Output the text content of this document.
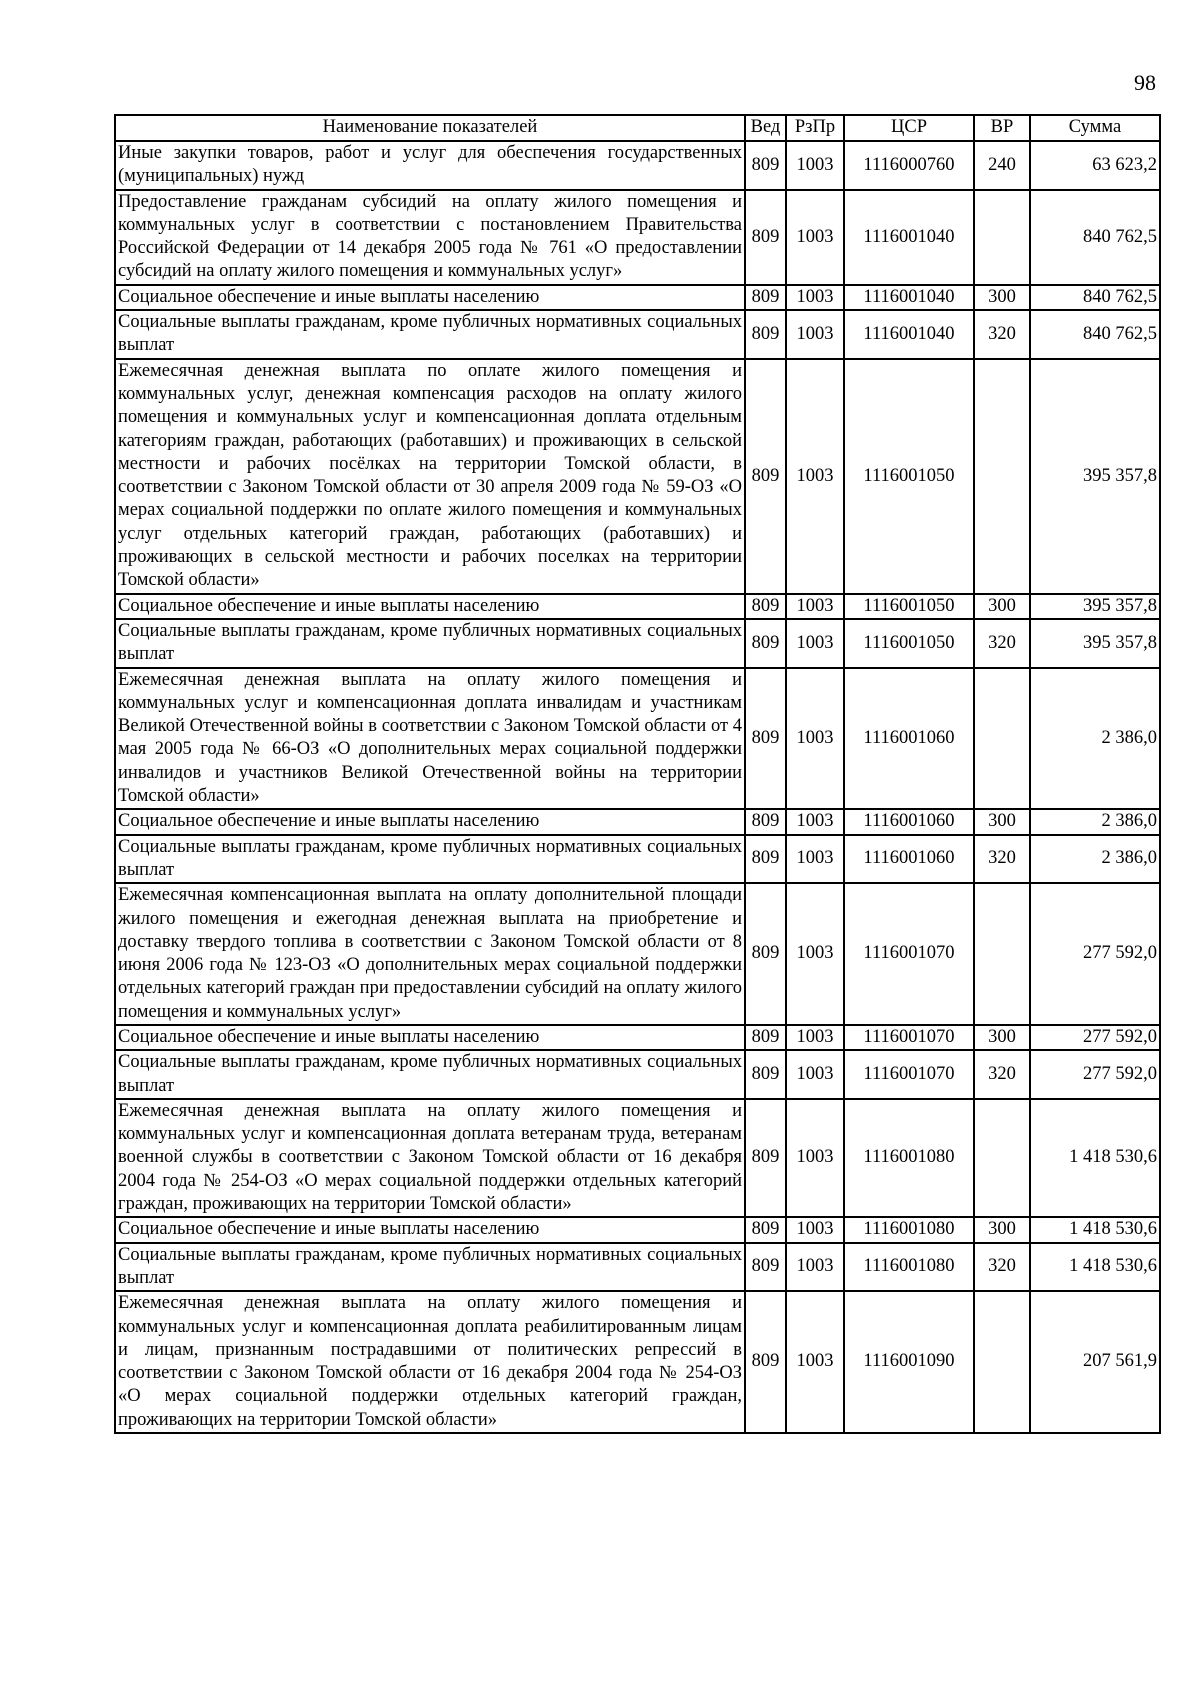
98
Наименование показателей	Вед	РзПр	ЦСР	ВР	Сумма
Иные закупки товаров, работ и услуг для обеспечения государственных (муниципальных) нужд	809	1003	1116000760	240	63 623,2
Предоставление гражданам субсидий на оплату жилого помещения и коммунальных услуг в соответствии с постановлением Правительства Российской Федерации от 14 декабря 2005 года № 761 «О предоставлении субсидий на оплату жилого помещения и коммунальных услуг»	809	1003	1116001040		840 762,5
Социальное обеспечение и иные выплаты населению	809	1003	1116001040	300	840 762,5
Социальные выплаты гражданам, кроме публичных нормативных социальных выплат	809	1003	1116001040	320	840 762,5
Ежемесячная денежная выплата по оплате жилого помещения и коммунальных услуг, денежная компенсация расходов на оплату жилого помещения и коммунальных услуг и компенсационная доплата отдельным категориям граждан, работающих (работавших) и проживающих в сельской местности и рабочих посёлках на территории Томской области, в соответствии с Законом Томской области от 30 апреля 2009 года № 59-ОЗ «О мерах социальной поддержки по оплате жилого помещения и коммунальных услуг отдельных категорий граждан, работающих (работавших) и проживающих в сельской местности и рабочих поселках на территории Томской области»	809	1003	1116001050		395 357,8
Социальное обеспечение и иные выплаты населению	809	1003	1116001050	300	395 357,8
Социальные выплаты гражданам, кроме публичных нормативных социальных выплат	809	1003	1116001050	320	395 357,8
Ежемесячная денежная выплата на оплату жилого помещения и коммунальных услуг и компенсационная доплата инвалидам и участникам Великой Отечественной войны в соответствии с Законом Томской области от 4 мая 2005 года № 66-ОЗ «О дополнительных мерах социальной поддержки инвалидов и участников Великой Отечественной войны на территории Томской области»	809	1003	1116001060		2 386,0
Социальное обеспечение и иные выплаты населению	809	1003	1116001060	300	2 386,0
Социальные выплаты гражданам, кроме публичных нормативных социальных выплат	809	1003	1116001060	320	2 386,0
Ежемесячная компенсационная выплата на оплату дополнительной площади жилого помещения и ежегодная денежная выплата на приобретение и доставку твердого топлива в соответствии с Законом Томской области от 8 июня 2006 года № 123-ОЗ «О дополнительных мерах социальной поддержки отдельных категорий граждан при предоставлении субсидий на оплату жилого помещения и коммунальных услуг»	809	1003	1116001070		277 592,0
Социальное обеспечение и иные выплаты населению	809	1003	1116001070	300	277 592,0
Социальные выплаты гражданам, кроме публичных нормативных социальных выплат	809	1003	1116001070	320	277 592,0
Ежемесячная денежная выплата на оплату жилого помещения и коммунальных услуг и компенсационная доплата ветеранам труда, ветеранам военной службы в соответствии с Законом Томской области от 16 декабря 2004 года № 254-ОЗ «О мерах социальной поддержки отдельных категорий граждан, проживающих на территории Томской области»	809	1003	1116001080		1 418 530,6
Социальное обеспечение и иные выплаты населению	809	1003	1116001080	300	1 418 530,6
Социальные выплаты гражданам, кроме публичных нормативных социальных выплат	809	1003	1116001080	320	1 418 530,6
Ежемесячная денежная выплата на оплату жилого помещения и коммунальных услуг и компенсационная доплата реабилитированным лицам и лицам, признанным пострадавшими от политических репрессий в соответствии с Законом Томской области от 16 декабря 2004 года № 254-ОЗ «О мерах социальной поддержки отдельных категорий граждан, проживающих на территории Томской области»	809	1003	1116001090		207 561,9
